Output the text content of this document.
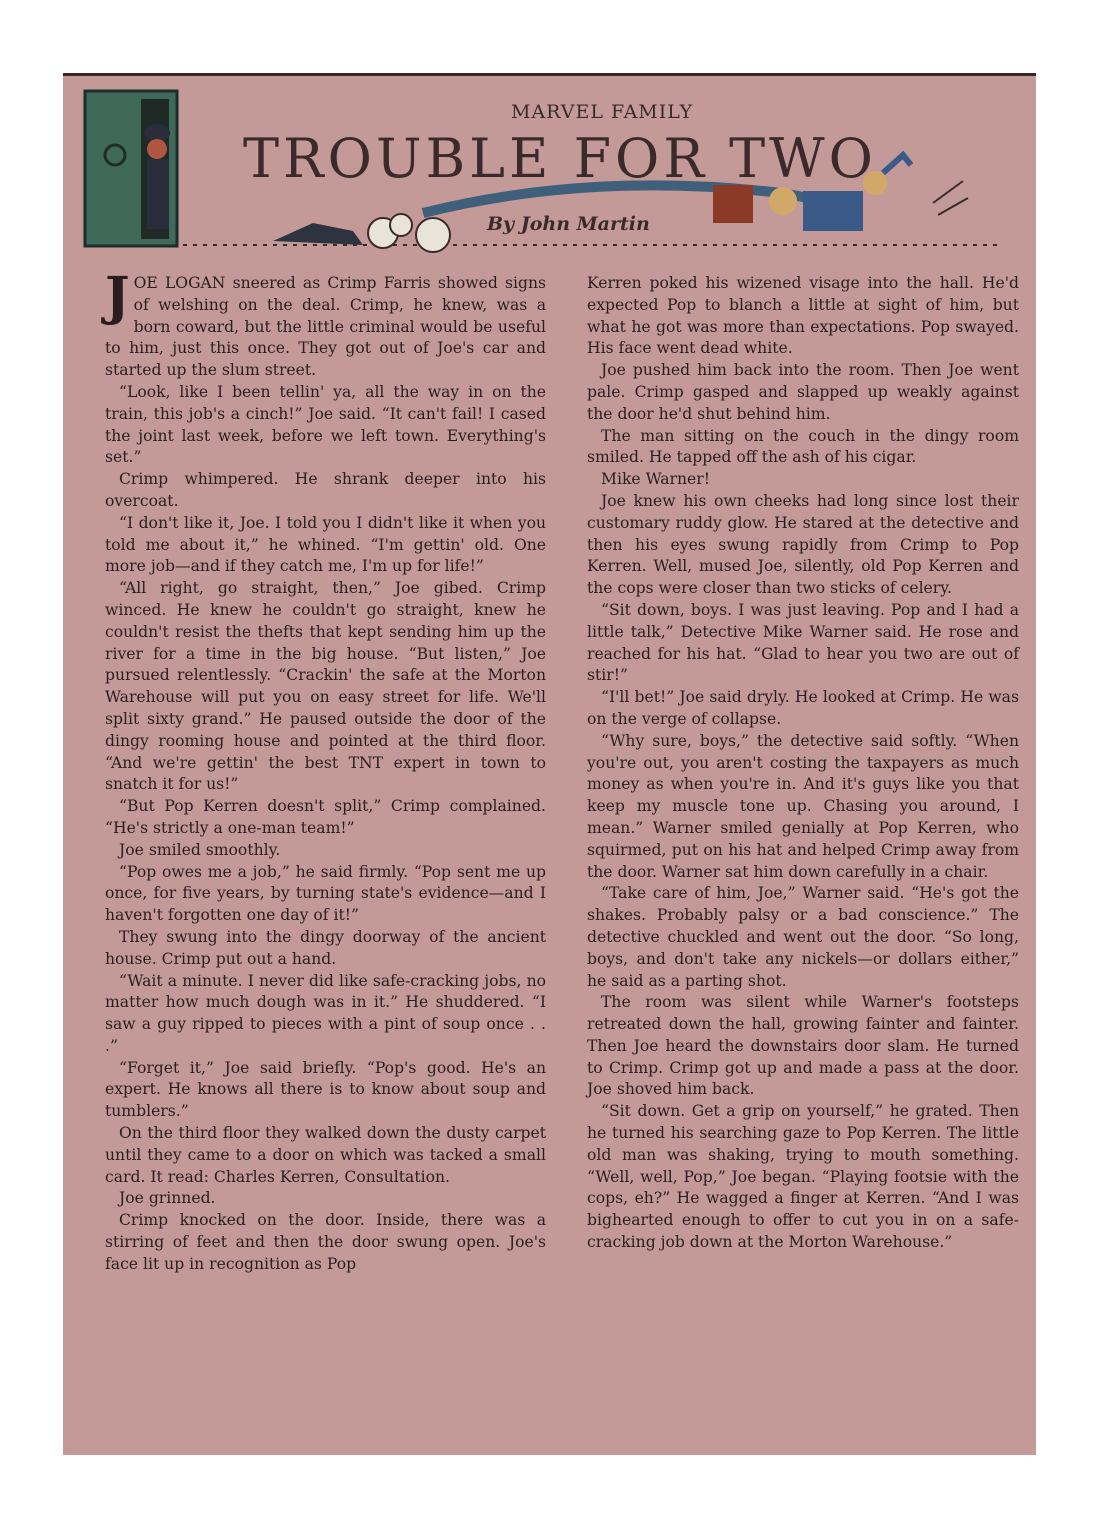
MARVEL FAMILY
TROUBLE FOR TWO
By John Martin

JOE LOGAN sneered as Crimp Farris showed signs of welshing on the deal. Crimp, he knew, was a born coward, but the little criminal would be useful to him, just this once. They got out of Joe's car and started up the slum street.

“Look, like I been tellin' ya, all the way in on the train, this job's a cinch!” Joe said. “It can't fail! I cased the joint last week, before we left town. Everything's set.”

Crimp whimpered. He shrank deeper into his overcoat.

“I don't like it, Joe. I told you I didn't like it when you told me about it,” he whined. “I'm gettin' old. One more job—and if they catch me, I'm up for life!”

“All right, go straight, then,” Joe gibed. Crimp winced. He knew he couldn't go straight, knew he couldn't resist the thefts that kept sending him up the river for a time in the big house. “But listen,” Joe pursued relentlessly. “Crackin' the safe at the Morton Warehouse will put you on easy street for life. We'll split sixty grand.” He paused outside the door of the dingy rooming house and pointed at the third floor. “And we're gettin' the best TNT expert in town to snatch it for us!”

“But Pop Kerren doesn't split,” Crimp complained. “He's strictly a one-man team!”

Joe smiled smoothly.

“Pop owes me a job,” he said firmly. “Pop sent me up once, for five years, by turning state's evidence—and I haven't forgotten one day of it!”

They swung into the dingy doorway of the ancient house. Crimp put out a hand.

“Wait a minute. I never did like safe-cracking jobs, no matter how much dough was in it.” He shuddered. “I saw a guy ripped to pieces with a pint of soup once . . .”

“Forget it,” Joe said briefly. “Pop's good. He's an expert. He knows all there is to know about soup and tumblers.”

On the third floor they walked down the dusty carpet until they came to a door on which was tacked a small card. It read: Charles Kerren, Consultation.

Joe grinned.

Crimp knocked on the door. Inside, there was a stirring of feet and then the door swung open. Joe's face lit up in recognition as Pop

Kerren poked his wizened visage into the hall. He'd expected Pop to blanch a little at sight of him, but what he got was more than expectations. Pop swayed. His face went dead white.

Joe pushed him back into the room. Then Joe went pale. Crimp gasped and slapped up weakly against the door he'd shut behind him.

The man sitting on the couch in the dingy room smiled. He tapped off the ash of his cigar.

Mike Warner!

Joe knew his own cheeks had long since lost their customary ruddy glow. He stared at the detective and then his eyes swung rapidly from Crimp to Pop Kerren. Well, mused Joe, silently, old Pop Kerren and the cops were closer than two sticks of celery.

“Sit down, boys. I was just leaving. Pop and I had a little talk,” Detective Mike Warner said. He rose and reached for his hat. “Glad to hear you two are out of stir!”

“I'll bet!” Joe said dryly. He looked at Crimp. He was on the verge of collapse.

“Why sure, boys,” the detective said softly. “When you're out, you aren't costing the taxpayers as much money as when you're in. And it's guys like you that keep my muscle tone up. Chasing you around, I mean.” Warner smiled genially at Pop Kerren, who squirmed, put on his hat and helped Crimp away from the door. Warner sat him down carefully in a chair.

“Take care of him, Joe,” Warner said. “He's got the shakes. Probably palsy or a bad conscience.” The detective chuckled and went out the door. “So long, boys, and don't take any nickels—or dollars either,” he said as a parting shot.

The room was silent while Warner's footsteps retreated down the hall, growing fainter and fainter. Then Joe heard the downstairs door slam. He turned to Crimp. Crimp got up and made a pass at the door. Joe shoved him back.

“Sit down. Get a grip on yourself,” he grated. Then he turned his searching gaze to Pop Kerren. The little old man was shaking, trying to mouth something. “Well, well, Pop,” Joe began. “Playing footsie with the cops, eh?” He wagged a finger at Kerren. “And I was bighearted enough to offer to cut you in on a safe-cracking job down at the Morton Warehouse.”
